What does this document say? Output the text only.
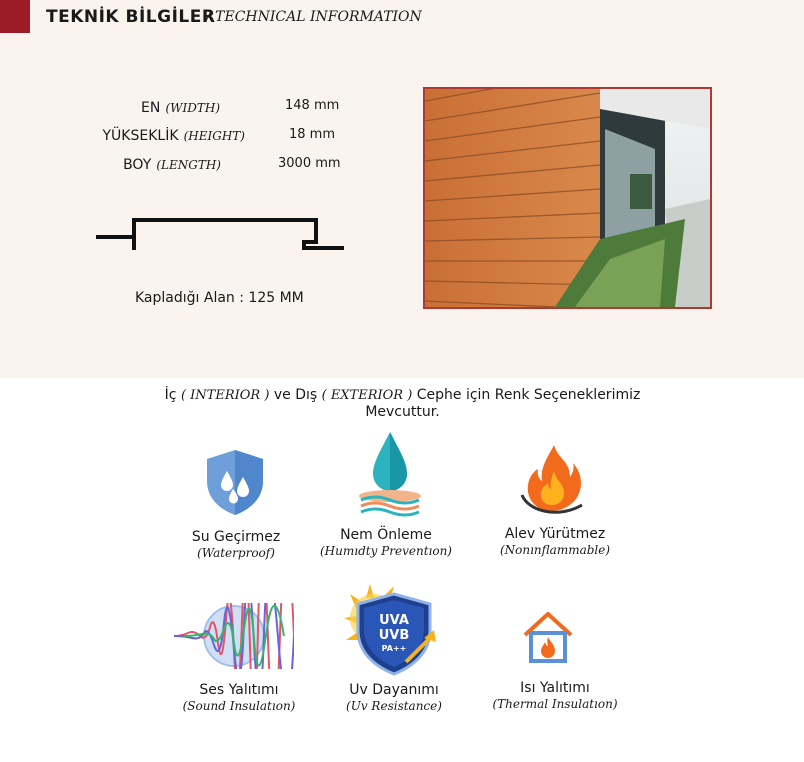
TEKNİK BİLGİLER
/ TECHNICAL INFORMATION
EN (WIDTH)	148 mm
YÜKSEKLİK (HEIGHT)	18 mm
BOY (LENGTH)	3000 mm
Kapladığı Alan : 125 MM
İç ( INTERIOR ) ve Dış ( EXTERIOR ) Cephe için Renk Seçeneklerimiz Mevcuttur.
UVA
UVB
PA++
Su Geçirmez
(Waterproof)
Nem Önleme
(Humıdty Preventıon)
Alev Yürütmez
(Nonınflammable)
Ses Yalıtımı
(Sound Insulatıon)
Uv Dayanımı
(Uv Resistance)
Isı Yalıtımı
(Thermal Insulatıon)
